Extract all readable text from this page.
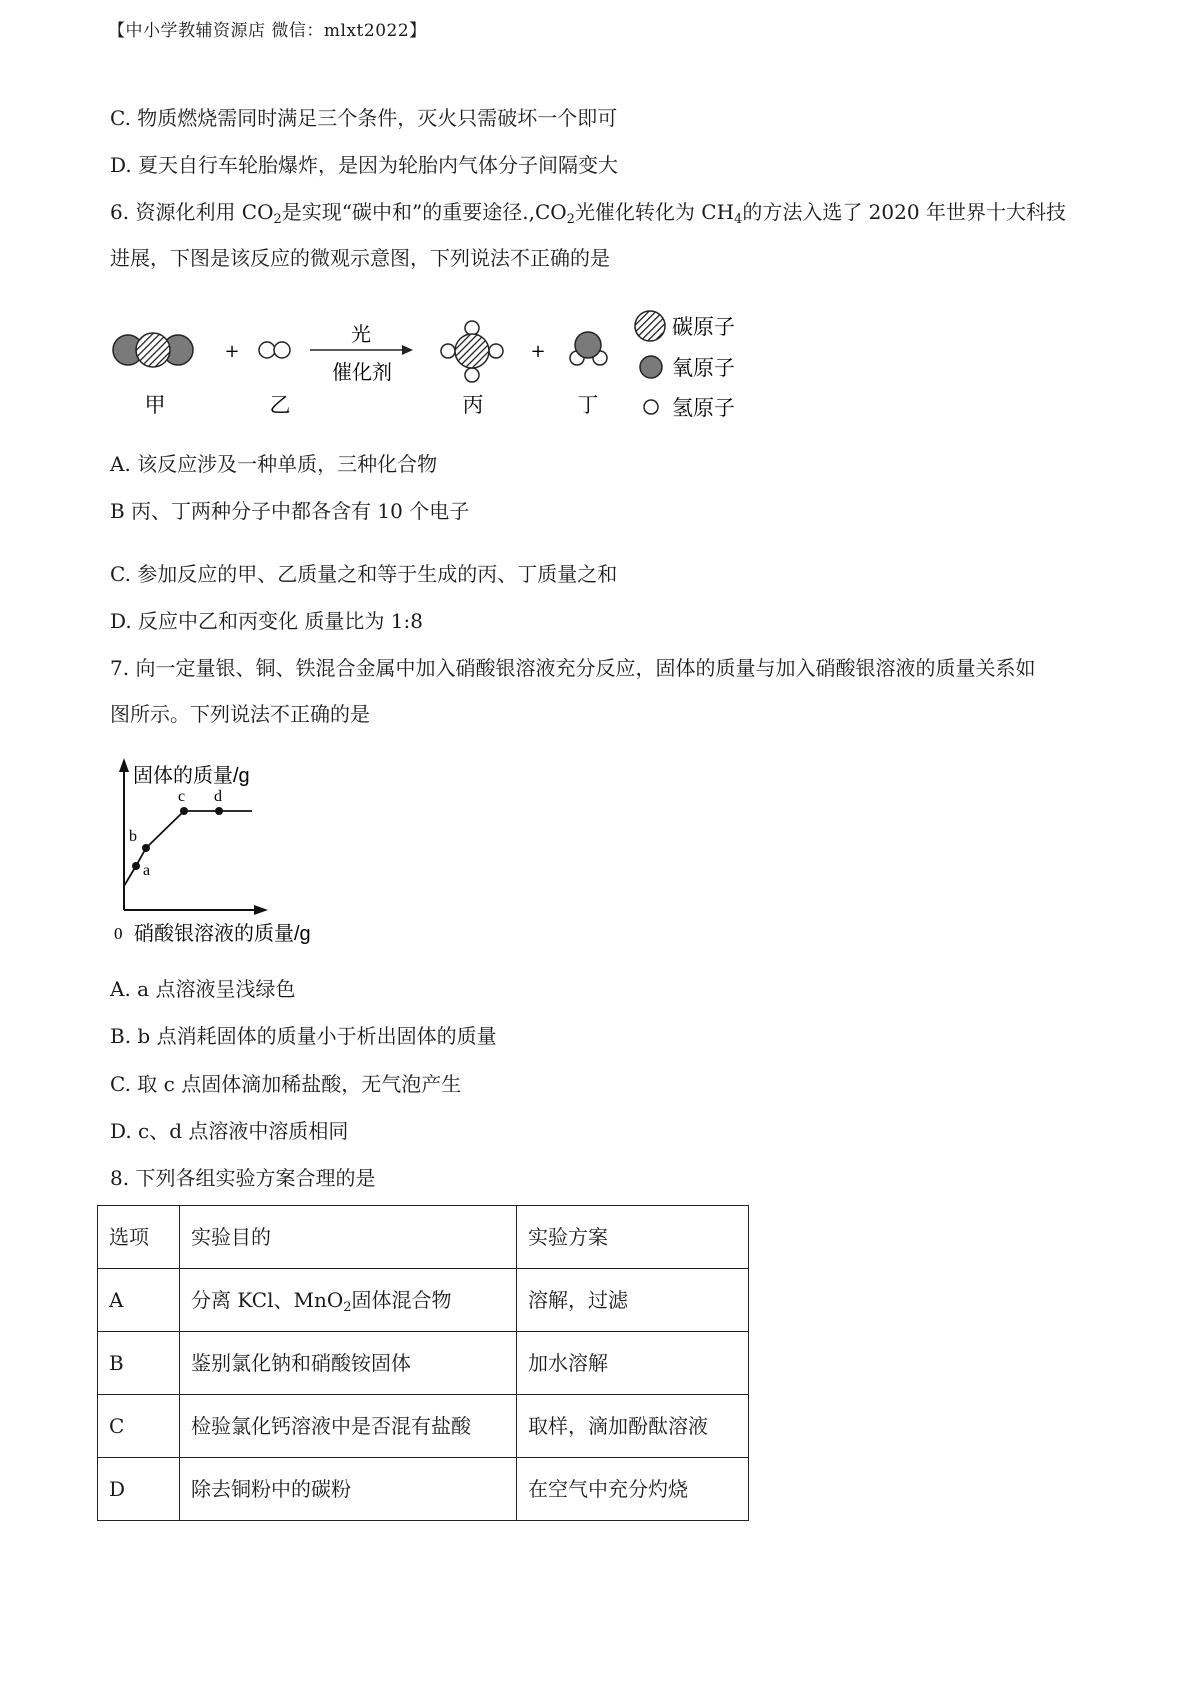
【中小学教辅资源店 微信：mlxt2022】
C. 物质燃烧需同时满足三个条件，灭火只需破坏一个即可
D. 夏天自行车轮胎爆炸，是因为轮胎内气体分子间隔变大
6. 资源化利用 $CO_2$是实现“碳中和”的重要途径$.,CO_2$光催化转化为 $CH_4$的方法入选了 2020 年世界十大科技
进展，下图是该反应的微观示意图，下列说法不正确的是
+
光
催化剂
+
甲	乙	丙	丁
碳原子
氧原子
氢原子
A. 该反应涉及一种单质，三种化合物
B 丙、丁两种分子中都各含有 10 个电子
C. 参加反应的甲、乙质量之和等于生成的丙、丁质量之和
D. 反应中乙和丙变化 质量比为 1:8
7. 向一定量银、铜、铁混合金属中加入硝酸银溶液充分反应，固体的质量与加入硝酸银溶液的质量关系如
图所示。下列说法不正确的是
a
b
c d
固体的质量/g
0 硝酸银溶液的质量/g
A. a 点溶液呈浅绿色
B. b 点消耗固体的质量小于析出固体的质量
C. 取 c 点固体滴加稀盐酸，无气泡产生
D. c、d 点溶液中溶质相同
8. 下列各组实验方案合理的是
选项	实验目的	实验方案
A	分离 KCl、MnO$_2$固体混合物	溶解，过滤
B	鉴别氯化钠和硝酸铵固体	加水溶解
C	检验氯化钙溶液中是否混有盐酸	取样，滴加酚酞溶液
D	除去铜粉中的碳粉	在空气中充分灼烧
